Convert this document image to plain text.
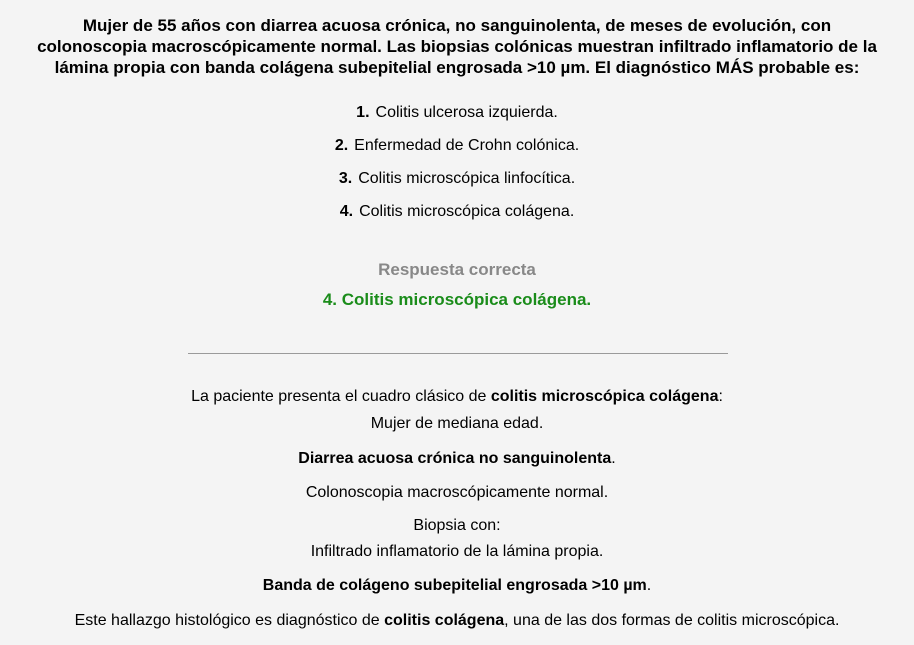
Mujer de 55 años con diarrea acuosa crónica, no sanguinolenta, de meses de evolución, con
colonoscopia macroscópicamente normal. Las biopsias colónicas muestran infiltrado inflamatorio de la
lámina propia con banda colágena subepitelial engrosada >10 µm. El diagnóstico MÁS probable es:
1. Colitis ulcerosa izquierda.
2. Enfermedad de Crohn colónica.
3. Colitis microscópica linfocítica.
4. Colitis microscópica colágena.
Respuesta correcta
4. Colitis microscópica colágena.
La paciente presenta el cuadro clásico de colitis microscópica colágena:
Mujer de mediana edad.
Diarrea acuosa crónica no sanguinolenta.
Colonoscopia macroscópicamente normal.
Biopsia con:
Infiltrado inflamatorio de la lámina propia.
Banda de colágeno subepitelial engrosada >10 µm.
Este hallazgo histológico es diagnóstico de colitis colágena, una de las dos formas de colitis microscópica.
